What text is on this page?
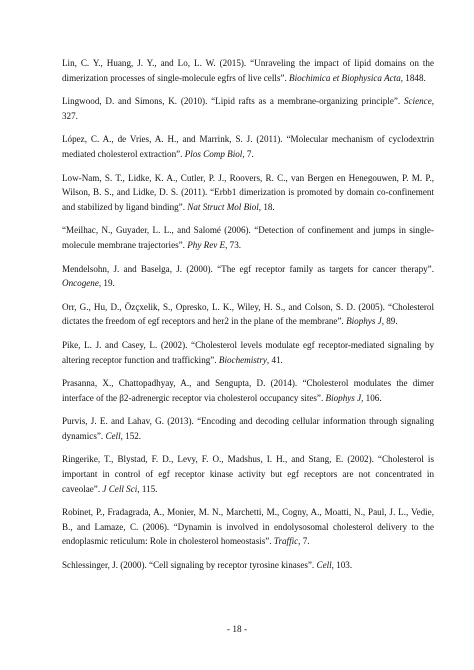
Lin, C. Y., Huang, J. Y., and Lo, L. W. (2015). “Unraveling the impact of lipid domains on the dimerization processes of single-molecule egfrs of live cells”. Biochimica et Biophysica Acta, 1848.

Lingwood, D. and Simons, K. (2010). “Lipid rafts as a membrane-organizing principle”. Science, 327.

López, C. A., de Vries, A. H., and Marrink, S. J. (2011). “Molecular mechanism of cyclodextrin mediated cholesterol extraction”. Plos Comp Biol, 7.

Low-Nam, S. T., Lidke, K. A., Cutler, P. J., Roovers, R. C., van Bergen en Henegouwen, P. M. P., Wilson, B. S., and Lidke, D. S. (2011). “Erbb1 dimerization is promoted by domain co-confinement and stabilized by ligand binding”. Nat Struct Mol Biol, 18.

“Meilhac, N., Guyader, L. L., and Salomé (2006). “Detection of confinement and jumps in single-molecule membrane trajectories”. Phy Rev E, 73.

Mendelsohn, J. and Baselga, J. (2000). “The egf receptor family as targets for cancer therapy”. Oncogene, 19.

Orr, G., Hu, D., Özçxelik, S., Opresko, L. K., Wiley, H. S., and Colson, S. D. (2005). “Cholesterol dictates the freedom of egf receptors and her2 in the plane of the membrane”. Biophys J, 89.

Pike, L. J. and Casey, L. (2002). “Cholesterol levels modulate egf receptor-mediated signaling by altering receptor function and trafficking”. Biochemistry, 41.

Prasanna, X., Chattopadhyay, A., and Sengupta, D. (2014). “Cholesterol modulates the dimer interface of the β2-adrenergic receptor via cholesterol occupancy sites”. Biophys J, 106.

Purvis, J. E. and Lahav, G. (2013). “Encoding and decoding cellular information through signaling dynamics”. Cell, 152.

Ringerike, T., Blystad, F. D., Levy, F. O., Madshus, I. H., and Stang, E. (2002). “Cholesterol is important in control of egf receptor kinase activity but egf receptors are not concentrated in caveolae”. J Cell Sci, 115.

Robinet, P., Fradagrada, A., Monier, M. N., Marchetti, M., Cogny, A., Moatti, N., Paul, J. L., Vedie, B., and Lamaze, C. (2006). “Dynamin is involved in endolysosomal cholesterol delivery to the endoplasmic reticulum: Role in cholesterol homeostasis”. Traffic, 7.

Schlessinger, J. (2000). “Cell signaling by receptor tyrosine kinases”. Cell, 103.

- 18 -
